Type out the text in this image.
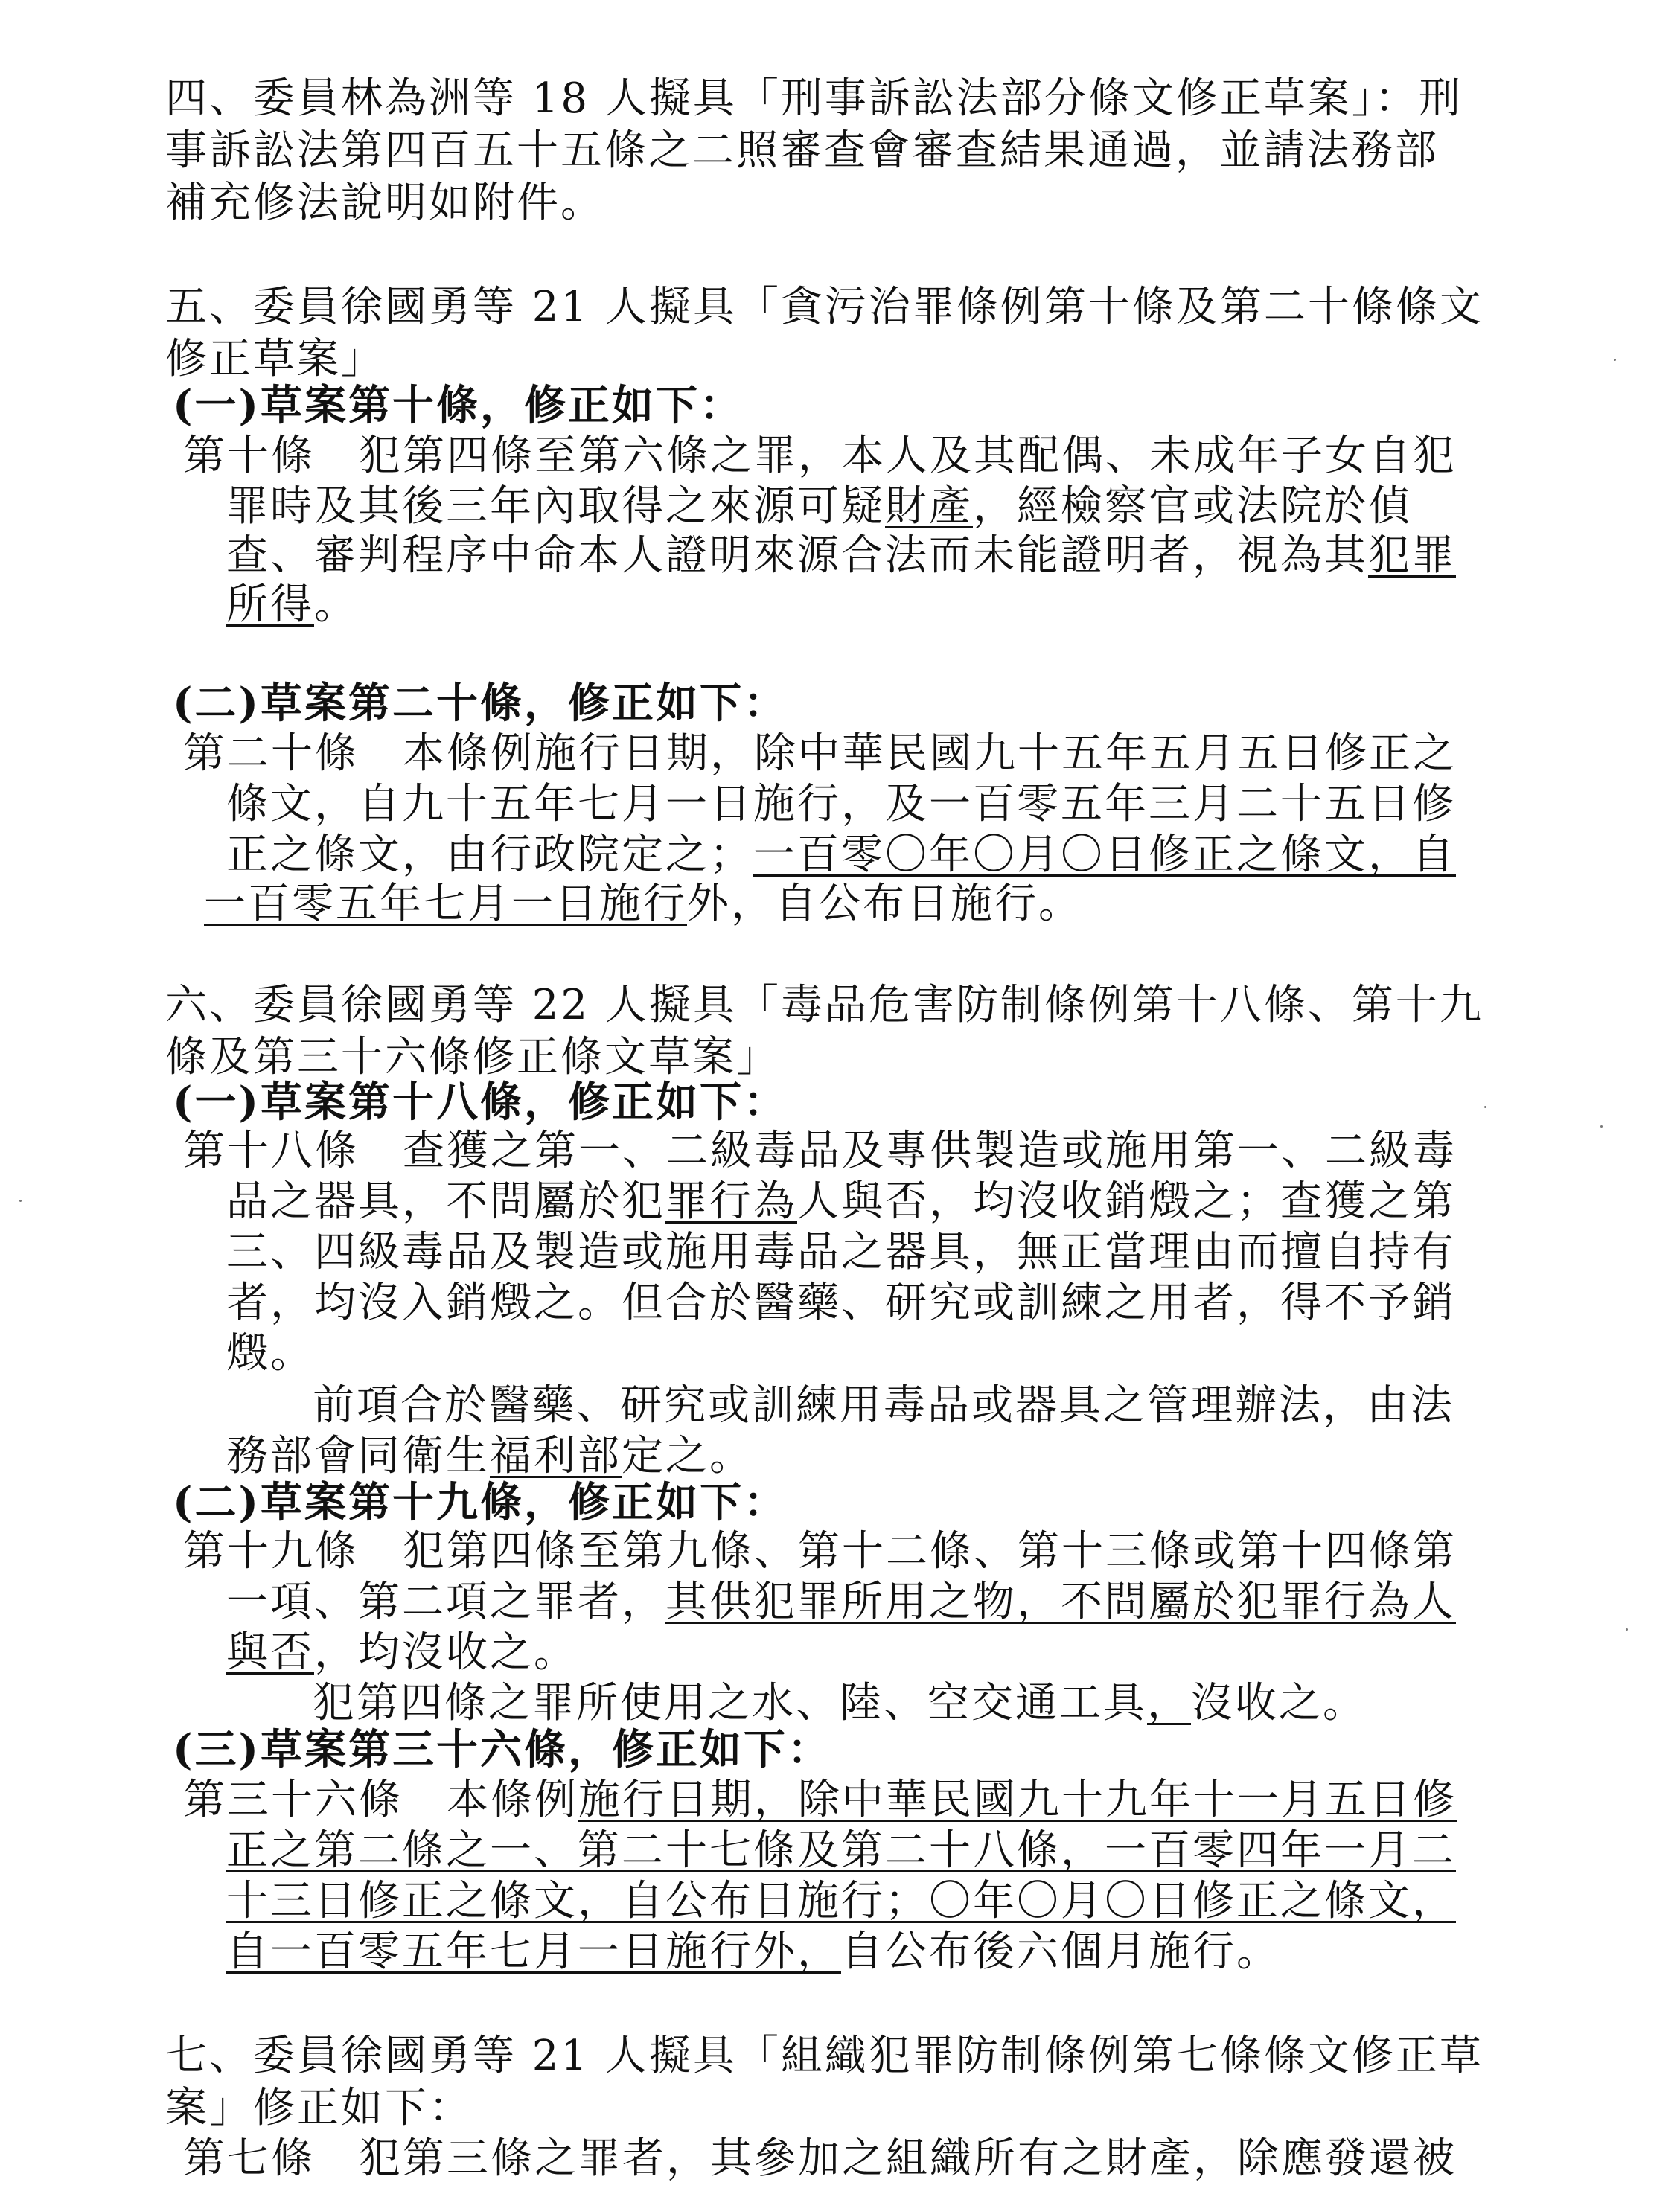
四、委員林為洲等 18 人擬具「刑事訴訟法部分條文修正草案」：刑
事訴訟法第四百五十五條之二照審查會審查結果通過，並請法務部
補充修法說明如附件。
五、委員徐國勇等 21 人擬具「貪污治罪條例第十條及第二十條條文
修正草案」
(一)草案第十條，修正如下：
第十條　犯第四條至第六條之罪，本人及其配偶、未成年子女自犯
罪時及其後三年內取得之來源可疑財產，經檢察官或法院於偵
查、審判程序中命本人證明來源合法而未能證明者，視為其犯罪
所得。
(二)草案第二十條，修正如下：
第二十條　本條例施行日期，除中華民國九十五年五月五日修正之
條文，自九十五年七月一日施行，及一百零五年三月二十五日修
正之條文，由行政院定之；一百零〇年〇月〇日修正之條文，自
一百零五年七月一日施行外，自公布日施行。
六、委員徐國勇等 22 人擬具「毒品危害防制條例第十八條、第十九
條及第三十六條修正條文草案」
(一)草案第十八條，修正如下：
第十八條　查獲之第一、二級毒品及專供製造或施用第一、二級毒
品之器具，不問屬於犯罪行為人與否，均沒收銷燬之；查獲之第
三、四級毒品及製造或施用毒品之器具，無正當理由而擅自持有
者，均沒入銷燬之。但合於醫藥、研究或訓練之用者，得不予銷
燬。
前項合於醫藥、研究或訓練用毒品或器具之管理辦法，由法
務部會同衛生福利部定之。
(二)草案第十九條，修正如下：
第十九條　犯第四條至第九條、第十二條、第十三條或第十四條第
一項、第二項之罪者，其供犯罪所用之物，不問屬於犯罪行為人
與否，均沒收之。
犯第四條之罪所使用之水、陸、空交通工具，沒收之。
(三)草案第三十六條，修正如下：
第三十六條　本條例施行日期，除中華民國九十九年十一月五日修
正之第二條之一、第二十七條及第二十八條，一百零四年一月二
十三日修正之條文，自公布日施行；〇年〇月〇日修正之條文，
自一百零五年七月一日施行外，自公布後六個月施行。
七、委員徐國勇等 21 人擬具「組織犯罪防制條例第七條條文修正草
案」修正如下：
第七條　犯第三條之罪者，其參加之組織所有之財產，除應發還被
